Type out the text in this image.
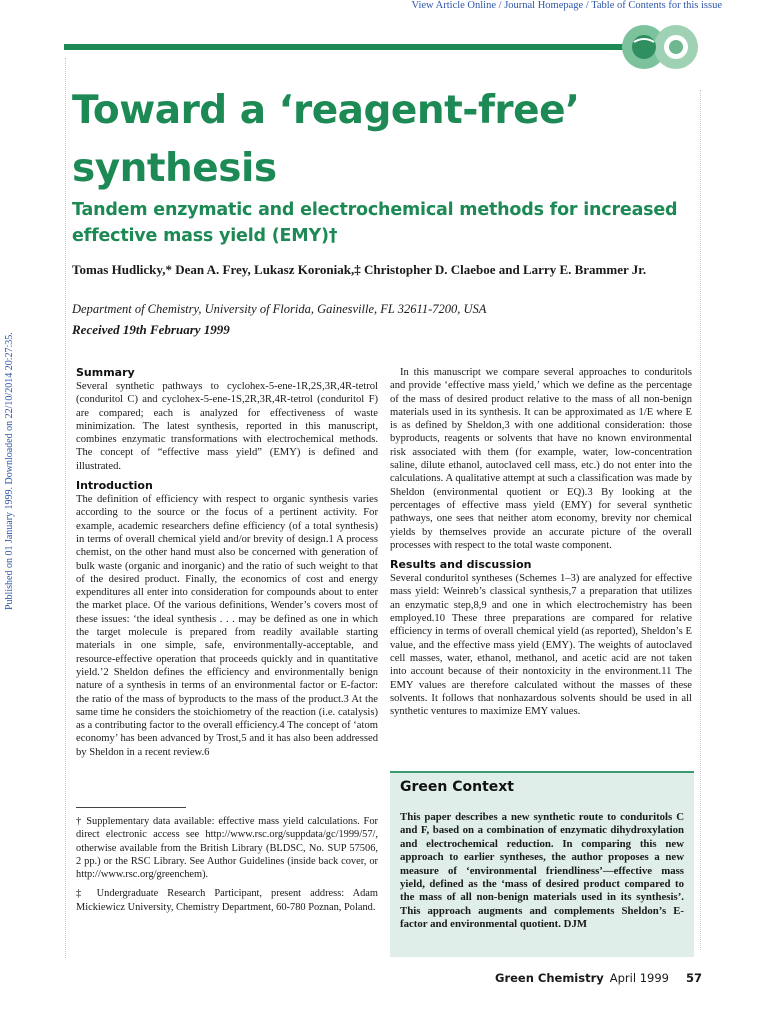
View Article Online / Journal Homepage / Table of Contents for this issue
Published on 01 January 1999. Downloaded on 22/10/2014 20:27:35.
Toward a ‘reagent-free’ synthesis
Tandem enzymatic and electrochemical methods for increased effective mass yield (EMY)†
Tomas Hudlicky,* Dean A. Frey, Lukasz Koroniak,‡ Christopher D. Claeboe and Larry E. Brammer Jr.
Department of Chemistry, University of Florida, Gainesville, FL 32611-7200, USA
Received 19th February 1999
Summary

Several synthetic pathways to cyclohex-5-ene-1R,2S,3R,4R-tetrol (conduritol C) and cyclohex-5-ene-1S,2R,3R,4R-tetrol (conduritol F) are compared; each is analyzed for effectiveness of waste minimization. The latest synthesis, reported in this manuscript, combines enzymatic transformations with electrochemical methods. The concept of “effective mass yield” (EMY) is defined and illustrated.

Introduction

The definition of efficiency with respect to organic synthesis varies according to the source or the focus of a pertinent activity. For example, academic researchers define efficiency (of a total synthesis) in terms of overall chemical yield and/or brevity of design.1 A process chemist, on the other hand must also be concerned with generation of bulk waste (organic and inorganic) and the ratio of such weight to that of the desired product. Finally, the economics of cost and energy expenditures all enter into consideration for compounds about to enter the market place. Of the various definitions, Wender’s covers most of these issues: ‘the ideal synthesis . . . may be defined as one in which the target molecule is prepared from readily available starting materials in one simple, safe, environmentally-acceptable, and resource-effective operation that proceeds quickly and in quantitative yield.’2 Sheldon defines the efficiency and environmentally benign nature of a synthesis in terms of an environmental factor or E-factor: the ratio of the mass of byproducts to the mass of the product.3 At the same time he considers the stoichiometry of the reaction (i.e. catalysis) as a contributing factor to the overall efficiency.4 The concept of ‘atom economy’ has been advanced by Trost,5 and it has also been addressed by Sheldon in a recent review.6

† Supplementary data available: effective mass yield calculations. For direct electronic access see http://www.rsc.org/suppdata/gc/1999/57/, otherwise available from the British Library (BLDSC, No. SUP 57506, 2 pp.) or the RSC Library. See Author Guidelines (inside back cover, or http://www.rsc.org/greenchem).

‡ Undergraduate Research Participant, present address: Adam Mickiewicz University, Chemistry Department, 60-780 Poznan, Poland.

In this manuscript we compare several approaches to conduritols and provide ‘effective mass yield,’ which we define as the percentage of the mass of desired product relative to the mass of all non-benign materials used in its synthesis. It can be approximated as 1/E where E is as defined by Sheldon,3 with one additional consideration: those byproducts, reagents or solvents that have no known environmental risk associated with them (for example, water, low-concentration saline, dilute ethanol, autoclaved cell mass, etc.) do not enter into the calculations. A qualitative attempt at such a classification was made by Sheldon (environmental quotient or EQ).3 By looking at the percentages of effective mass yield (EMY) for several synthetic pathways, one sees that neither atom economy, brevity nor chemical yields by themselves provide an accurate picture of the overall processes with respect to the total waste component.

Results and discussion

Several conduritol syntheses (Schemes 1–3) are analyzed for effective mass yield: Weinreb’s classical synthesis,7 a preparation that utilizes an enzymatic step,8,9 and one in which electrochemistry has been employed.10 These three preparations are compared for relative efficiency in terms of overall chemical yield (as reported), Sheldon’s E value, and the effective mass yield (EMY). The weights of autoclaved cell masses, water, ethanol, methanol, and acetic acid are not taken into account because of their nontoxicity in the environment.11 The EMY values are therefore calculated without the masses of these solvents. It follows that nonhazardous solvents should be used in all synthetic ventures to maximize EMY values.

Green Context

This paper describes a new synthetic route to conduritols C and F, based on a combination of enzymatic dihydroxylation and electrochemical reduction. In comparing this new approach to earlier syntheses, the author proposes a new measure of ‘environmental friendliness’—effective mass yield, defined as the ‘mass of desired product compared to the mass of all non-benign materials used in its synthesis’. This approach augments and complements Sheldon’s E-factor and environmental quotient. DJM

Green Chemistry April 1999 57
